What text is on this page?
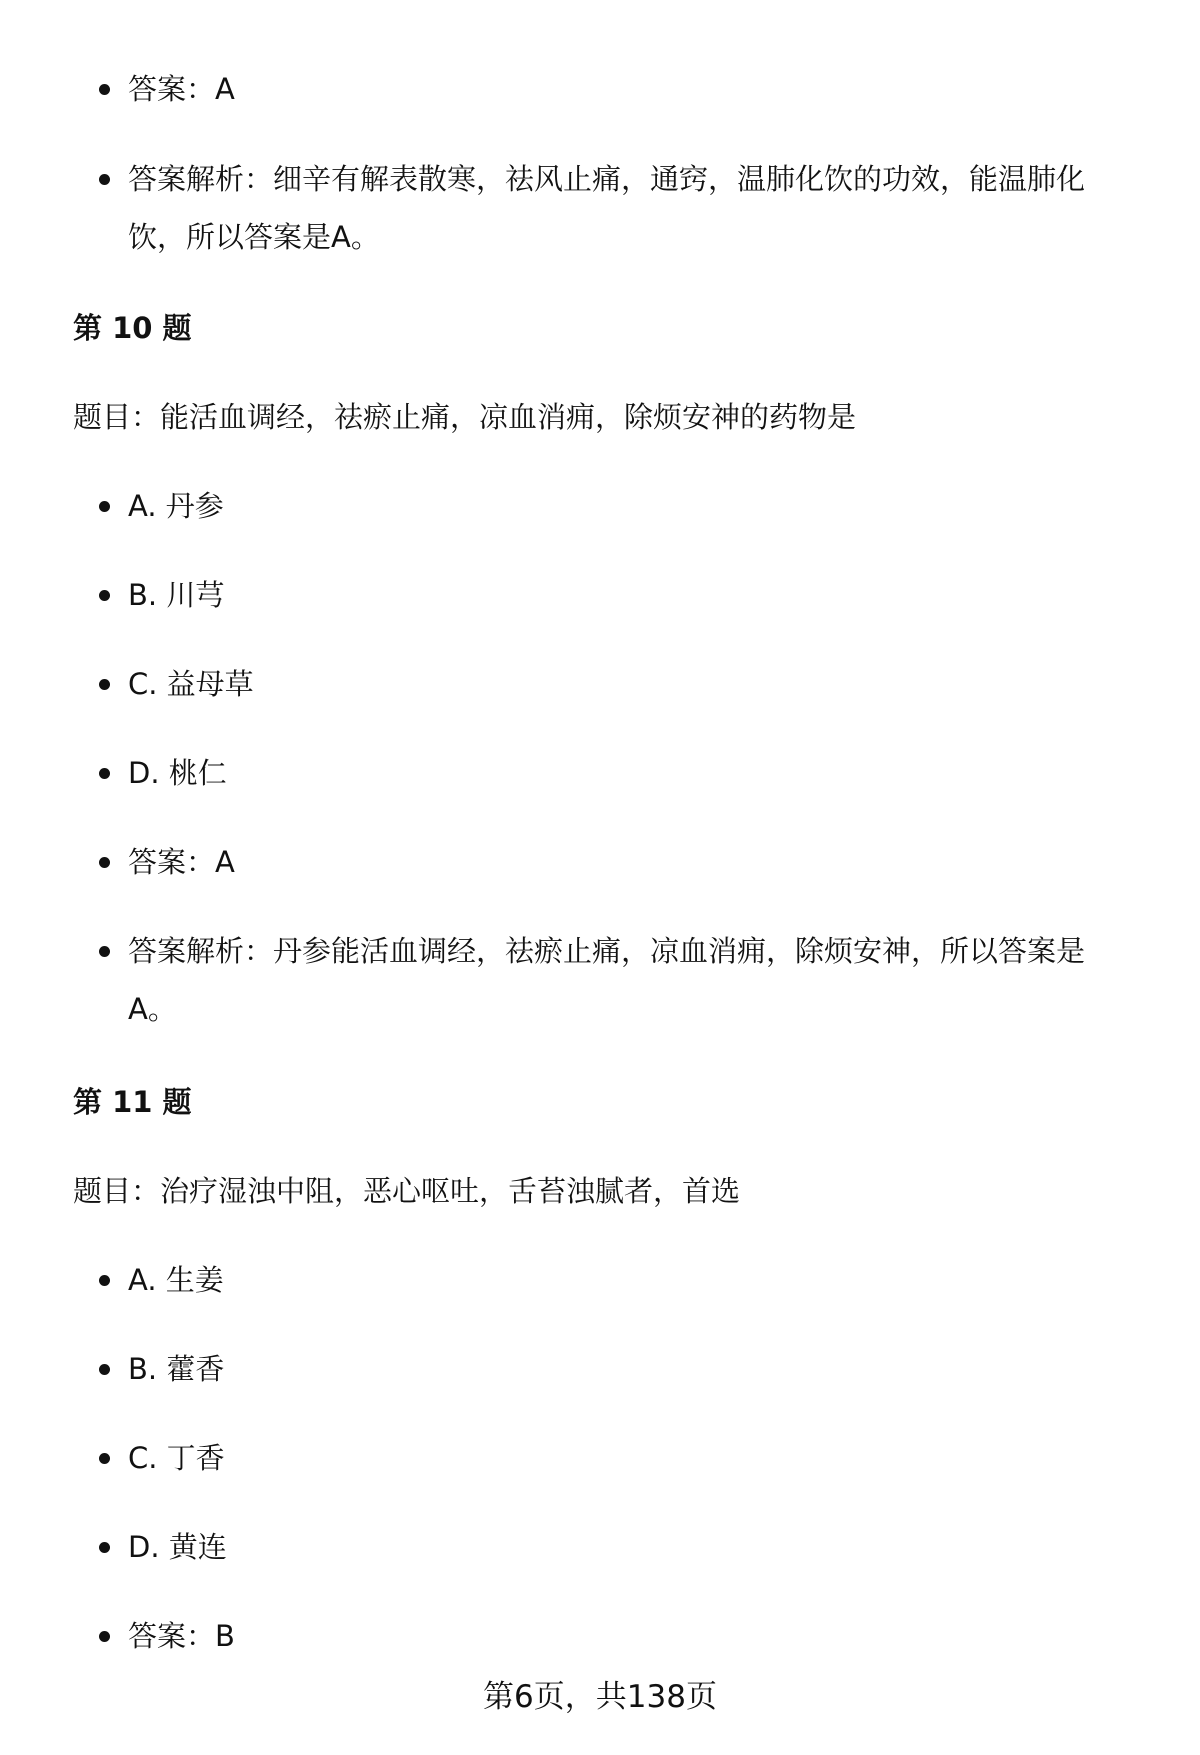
答案：A
答案解析：细辛有解表散寒，祛风止痛，通窍，温肺化饮的功效，能温肺化
饮，所以答案是A。
第 10 题
题目：能活血调经，祛瘀止痛，凉血消痈，除烦安神的药物是
A. 丹参
B. 川芎
C. 益母草
D. 桃仁
答案：A
答案解析：丹参能活血调经，祛瘀止痛，凉血消痈，除烦安神，所以答案是
A。
第 11 题
题目：治疗湿浊中阻，恶心呕吐，舌苔浊腻者，首选
A. 生姜
B. 藿香
C. 丁香
D. 黄连
答案：B
第6页，共138页
